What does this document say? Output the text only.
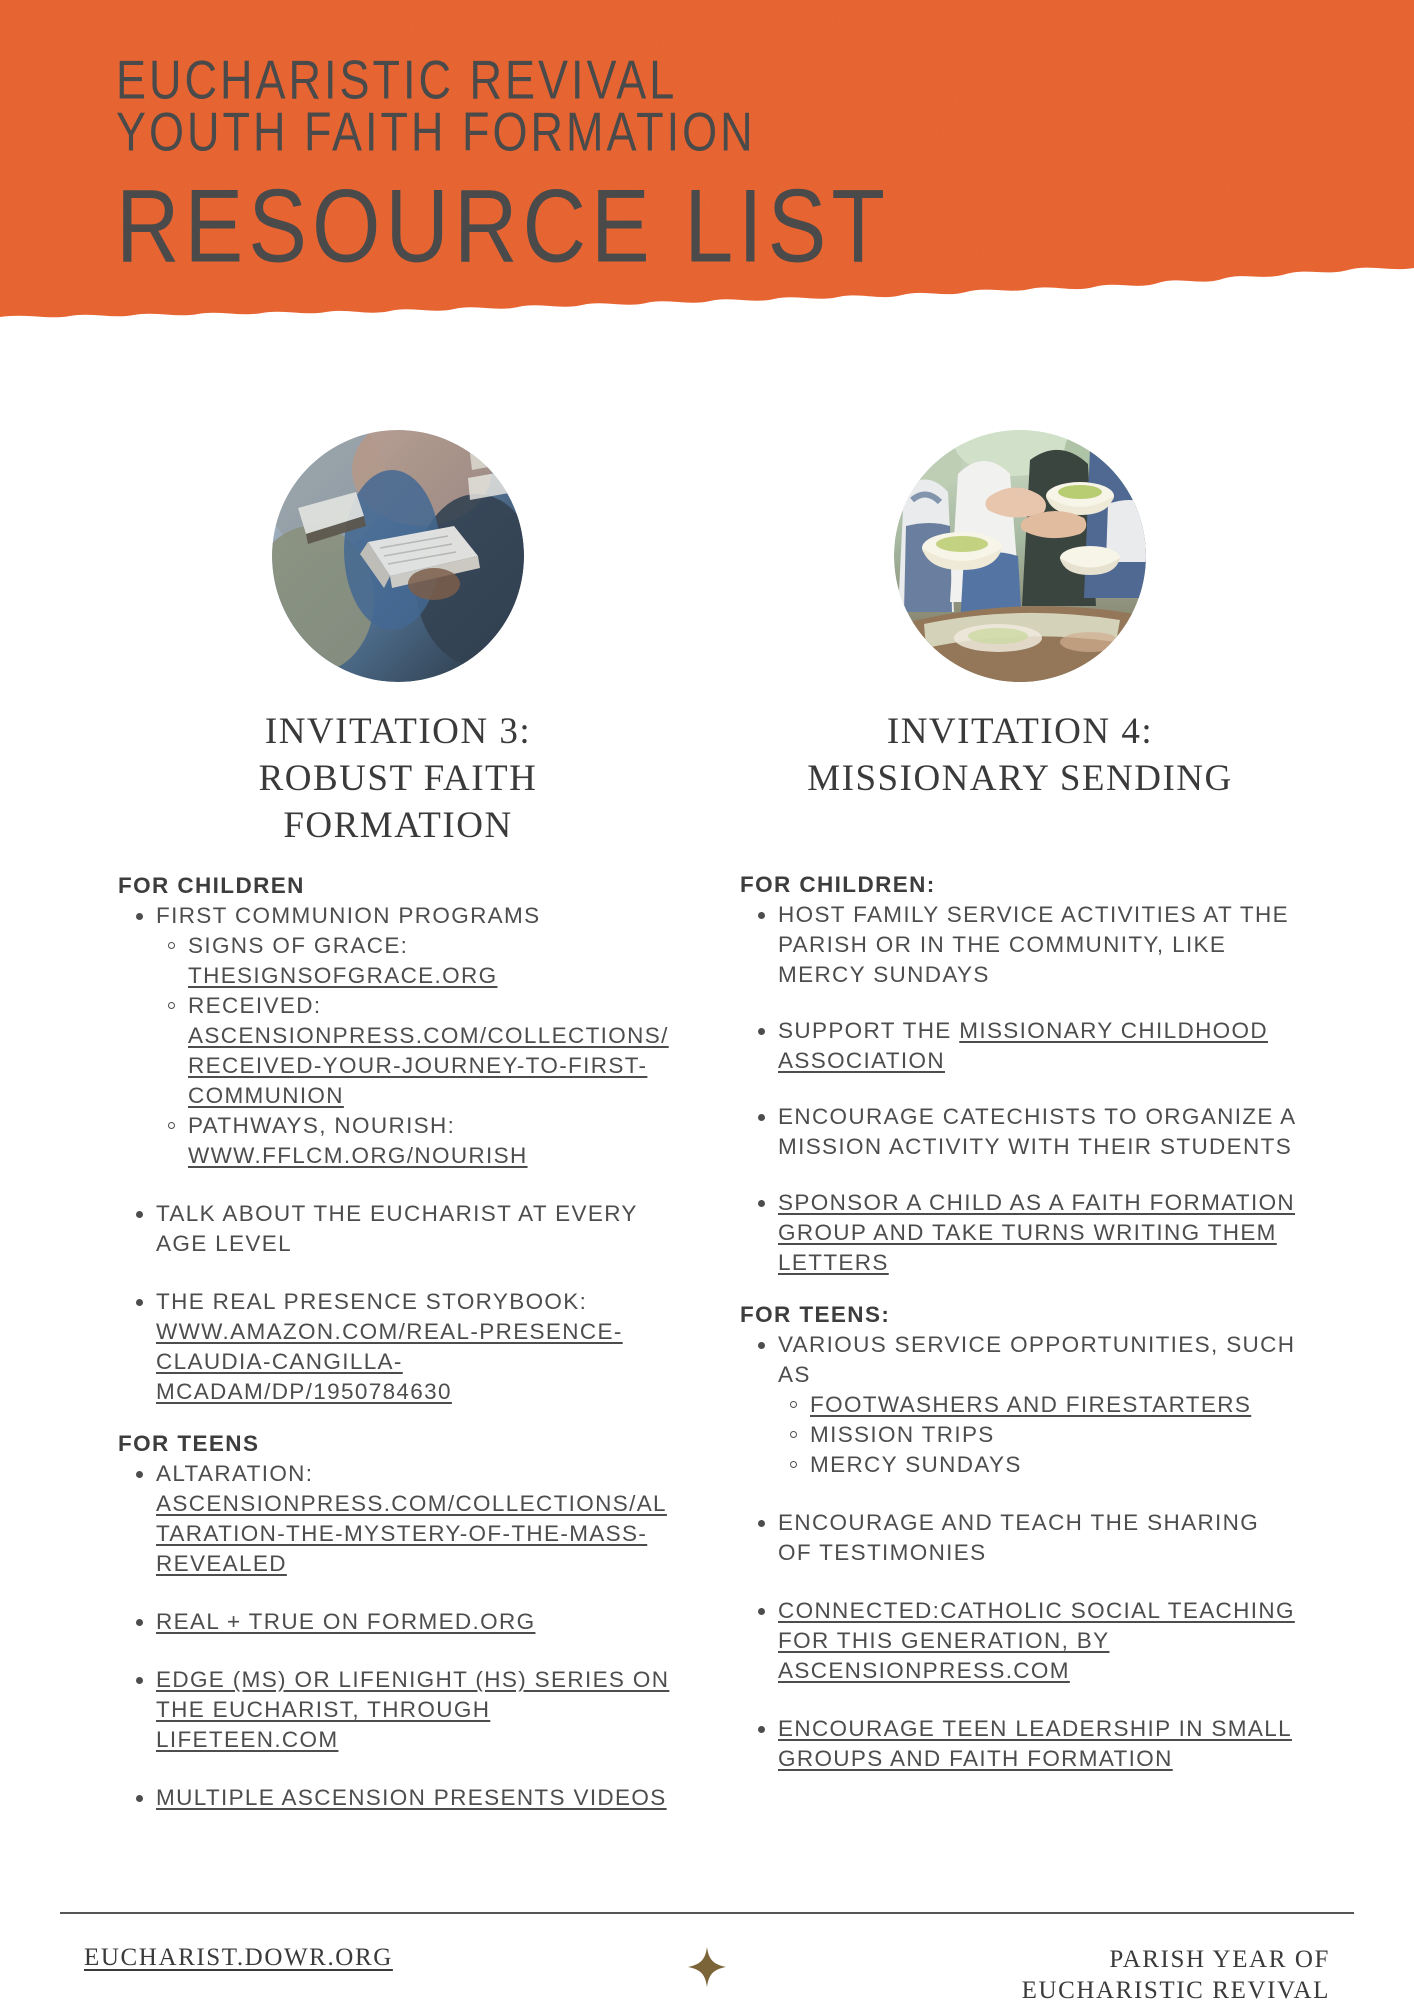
EUCHARISTIC REVIVAL
YOUTH FAITH FORMATION
RESOURCE LIST
INVITATION 3:
ROBUST FAITH
FORMATION
FOR CHILDREN
FIRST COMMUNION PROGRAMS
SIGNS OF GRACE: THESIGNSOFGRACE.ORG
RECEIVED: ASCENSIONPRESS.COM/COLLECTIONS/RECEIVED-YOUR-JOURNEY-TO-FIRST-COMMUNION
PATHWAYS, NOURISH: WWW.FFLCM.ORG/NOURISH
TALK ABOUT THE EUCHARIST AT EVERY AGE LEVEL
THE REAL PRESENCE STORYBOOK: WWW.AMAZON.COM/REAL-PRESENCE-CLAUDIA-CANGILLA-MCADAM/DP/1950784630
FOR TEENS
ALTARATION: ASCENSIONPRESS.COM/COLLECTIONS/ALTARATION-THE-MYSTERY-OF-THE-MASS-REVEALED
REAL + TRUE ON FORMED.ORG
EDGE (MS) OR LIFENIGHT (HS) SERIES ON THE EUCHARIST, THROUGH LIFETEEN.COM
MULTIPLE ASCENSION PRESENTS VIDEOS
INVITATION 4:
MISSIONARY SENDING
FOR CHILDREN:
HOST FAMILY SERVICE ACTIVITIES AT THE PARISH OR IN THE COMMUNITY, LIKE MERCY SUNDAYS
SUPPORT THE MISSIONARY CHILDHOOD ASSOCIATION
ENCOURAGE CATECHISTS TO ORGANIZE A MISSION ACTIVITY WITH THEIR STUDENTS
SPONSOR A CHILD AS A FAITH FORMATION GROUP AND TAKE TURNS WRITING THEM LETTERS
FOR TEENS:
VARIOUS SERVICE OPPORTUNITIES, SUCH AS
FOOTWASHERS AND FIRESTARTERS
MISSION TRIPS
MERCY SUNDAYS
ENCOURAGE AND TEACH THE SHARING OF TESTIMONIES
CONNECTED:CATHOLIC SOCIAL TEACHING FOR THIS GENERATION, BY ASCENSIONPRESS.COM
ENCOURAGE TEEN LEADERSHIP IN SMALL GROUPS AND FAITH FORMATION
EUCHARIST.DOWR.ORG	PARISH YEAR OF
EUCHARISTIC REVIVAL
